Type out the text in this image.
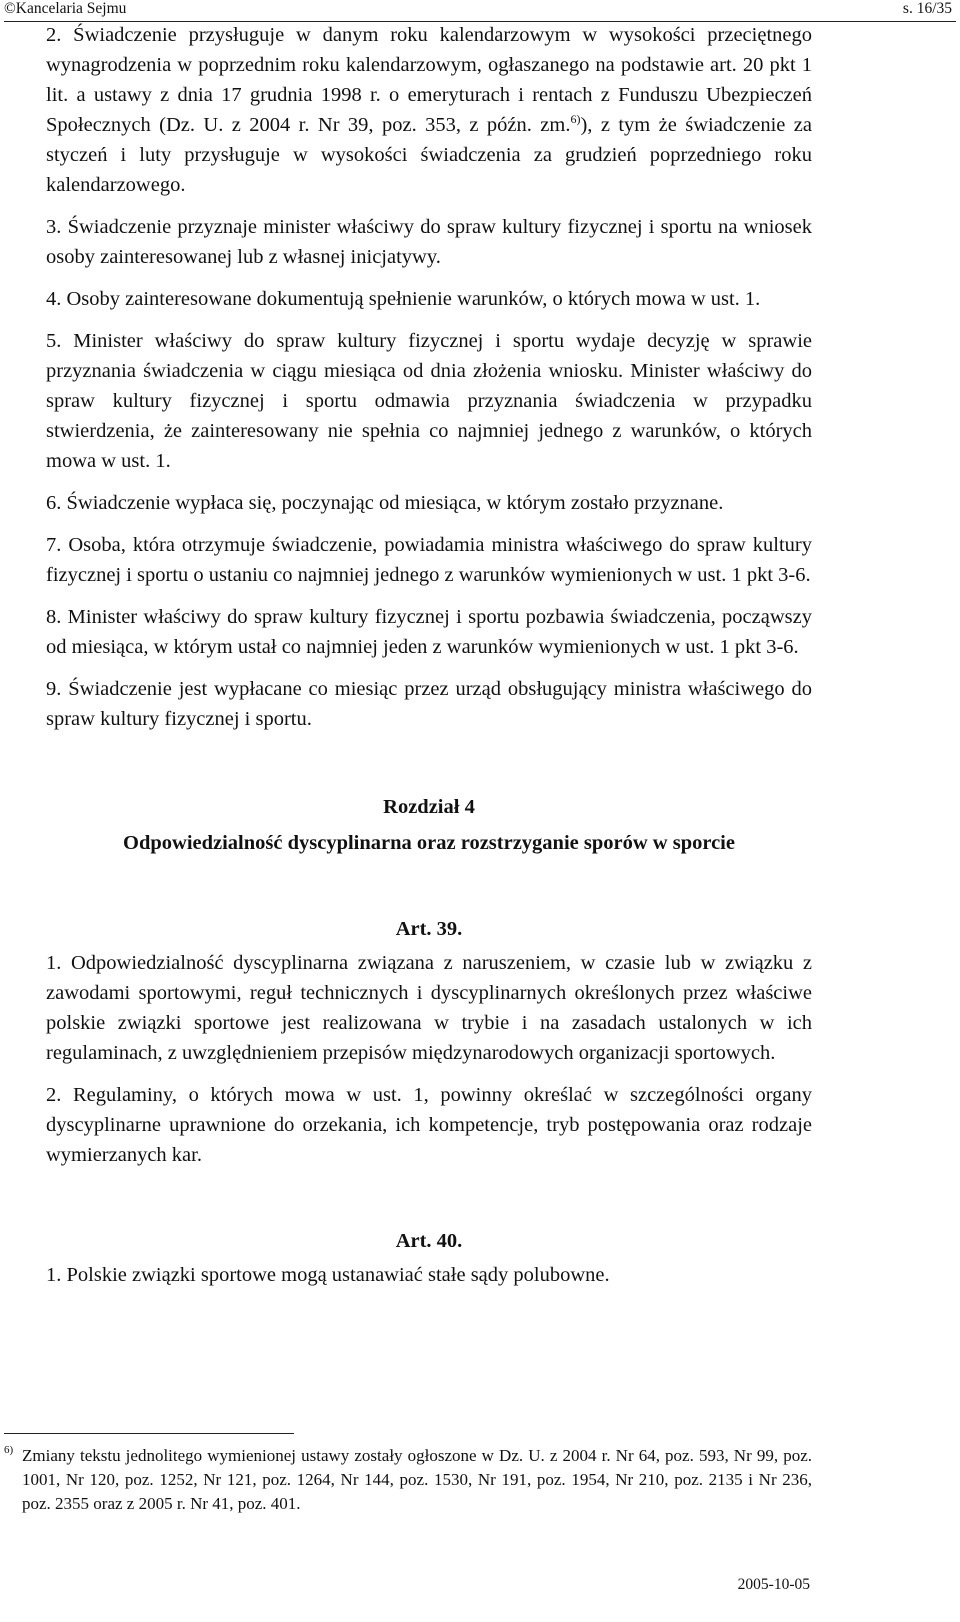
©Kancelaria Sejmu	s. 16/35

2. Świadczenie przysługuje w danym roku kalendarzowym w wysokości przeciętnego wynagrodzenia w poprzednim roku kalendarzowym, ogłaszanego na podstawie art. 20 pkt 1 lit. a ustawy z dnia 17 grudnia 1998 r. o emeryturach i rentach z Funduszu Ubezpieczeń Społecznych (Dz. U. z 2004 r. Nr 39, poz. 353, z późn. zm.$^{6)}$), z tym że świadczenie za styczeń i luty przysługuje w wysokości świadczenia za grudzień poprzedniego roku kalendarzowego.

3. Świadczenie przyznaje minister właściwy do spraw kultury fizycznej i sportu na wniosek osoby zainteresowanej lub z własnej inicjatywy.

4. Osoby zainteresowane dokumentują spełnienie warunków, o których mowa w ust. 1.

5. Minister właściwy do spraw kultury fizycznej i sportu wydaje decyzję w sprawie przyznania świadczenia w ciągu miesiąca od dnia złożenia wniosku. Minister właściwy do spraw kultury fizycznej i sportu odmawia przyznania świadczenia w przypadku stwierdzenia, że zainteresowany nie spełnia co najmniej jednego z warunków, o których mowa w ust. 1.

6. Świadczenie wypłaca się, poczynając od miesiąca, w którym zostało przyznane.

7. Osoba, która otrzymuje świadczenie, powiadamia ministra właściwego do spraw kultury fizycznej i sportu o ustaniu co najmniej jednego z warunków wymienionych w ust. 1 pkt 3-6.

8. Minister właściwy do spraw kultury fizycznej i sportu pozbawia świadczenia, począwszy od miesiąca, w którym ustał co najmniej jeden z warunków wymienionych w ust. 1 pkt 3-6.

9. Świadczenie jest wypłacane co miesiąc przez urząd obsługujący ministra właściwego do spraw kultury fizycznej i sportu.

Rozdział 4

Odpowiedzialność dyscyplinarna oraz rozstrzyganie sporów w sporcie

Art. 39.

1. Odpowiedzialność dyscyplinarna związana z naruszeniem, w czasie lub w związku z zawodami sportowymi, reguł technicznych i dyscyplinarnych określonych przez właściwe polskie związki sportowe jest realizowana w trybie i na zasadach ustalonych w ich regulaminach, z uwzględnieniem przepisów międzynarodowych organizacji sportowych.

2. Regulaminy, o których mowa w ust. 1, powinny określać w szczególności organy dyscyplinarne uprawnione do orzekania, ich kompetencje, tryb postępowania oraz rodzaje wymierzanych kar.

Art. 40.

1. Polskie związki sportowe mogą ustanawiać stałe sądy polubowne.

6) Zmiany tekstu jednolitego wymienionej ustawy zostały ogłoszone w Dz. U. z 2004 r. Nr 64, poz. 593, Nr 99, poz. 1001, Nr 120, poz. 1252, Nr 121, poz. 1264, Nr 144, poz. 1530, Nr 191, poz. 1954, Nr 210, poz. 2135 i Nr 236, poz. 2355 oraz z 2005 r. Nr 41, poz. 401.
2005-10-05
